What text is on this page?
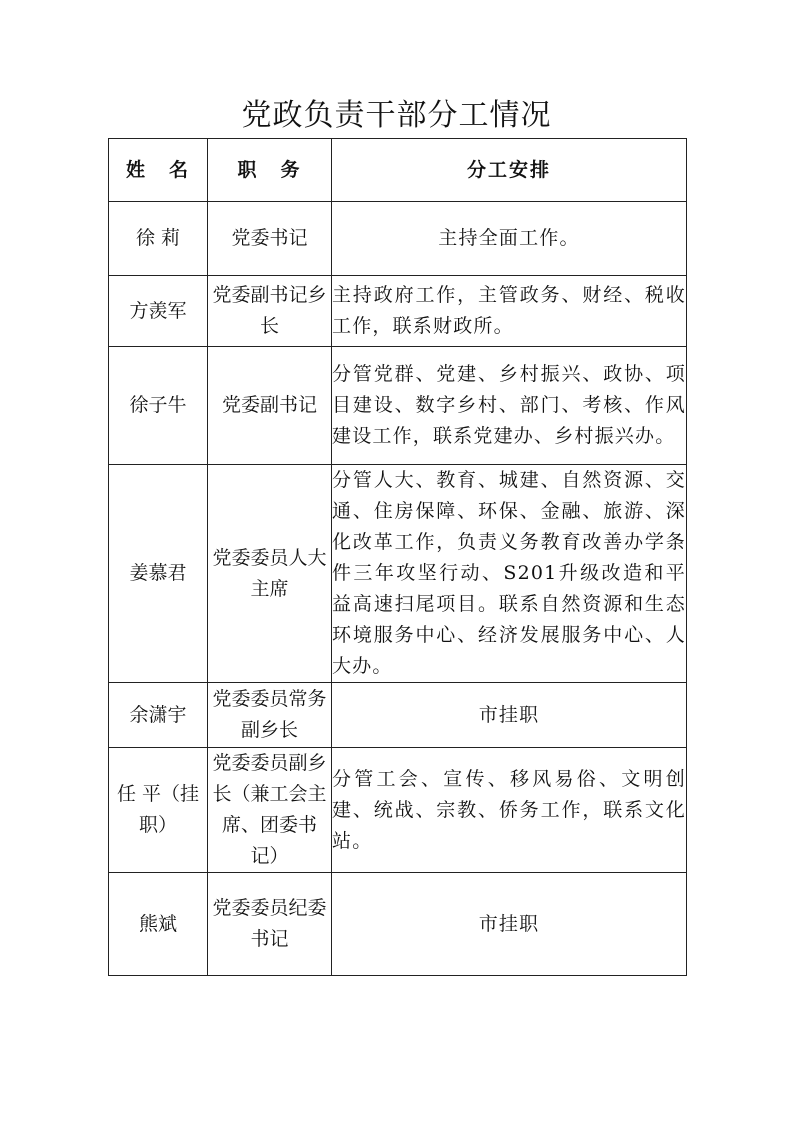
党政负责干部分工情况
姓 名	职 务	分工安排
徐 莉	党委书记	主持全面工作。
方羡军	党委副书记乡长	主持政府工作，主管政务、财经、税收工作，联系财政所。
徐子牛	党委副书记	分管党群、党建、乡村振兴、政协、项目建设、数字乡村、部门、考核、作风建设工作，联系党建办、乡村振兴办。
姜慕君	党委委员人大主席	分管人大、教育、城建、自然资源、交通、住房保障、环保、金融、旅游、深化改革工作，负责义务教育改善办学条件三年攻坚行动、S201升级改造和平益高速扫尾项目。联系自然资源和生态环境服务中心、经济发展服务中心、人大办。
余潇宇	党委委员常务副乡长	市挂职
任 平（挂职）	党委委员副乡长（兼工会主席、团委书记）	分管工会、宣传、移风易俗、文明创建、统战、宗教、侨务工作，联系文化站。
熊斌	党委委员纪委书记	市挂职
